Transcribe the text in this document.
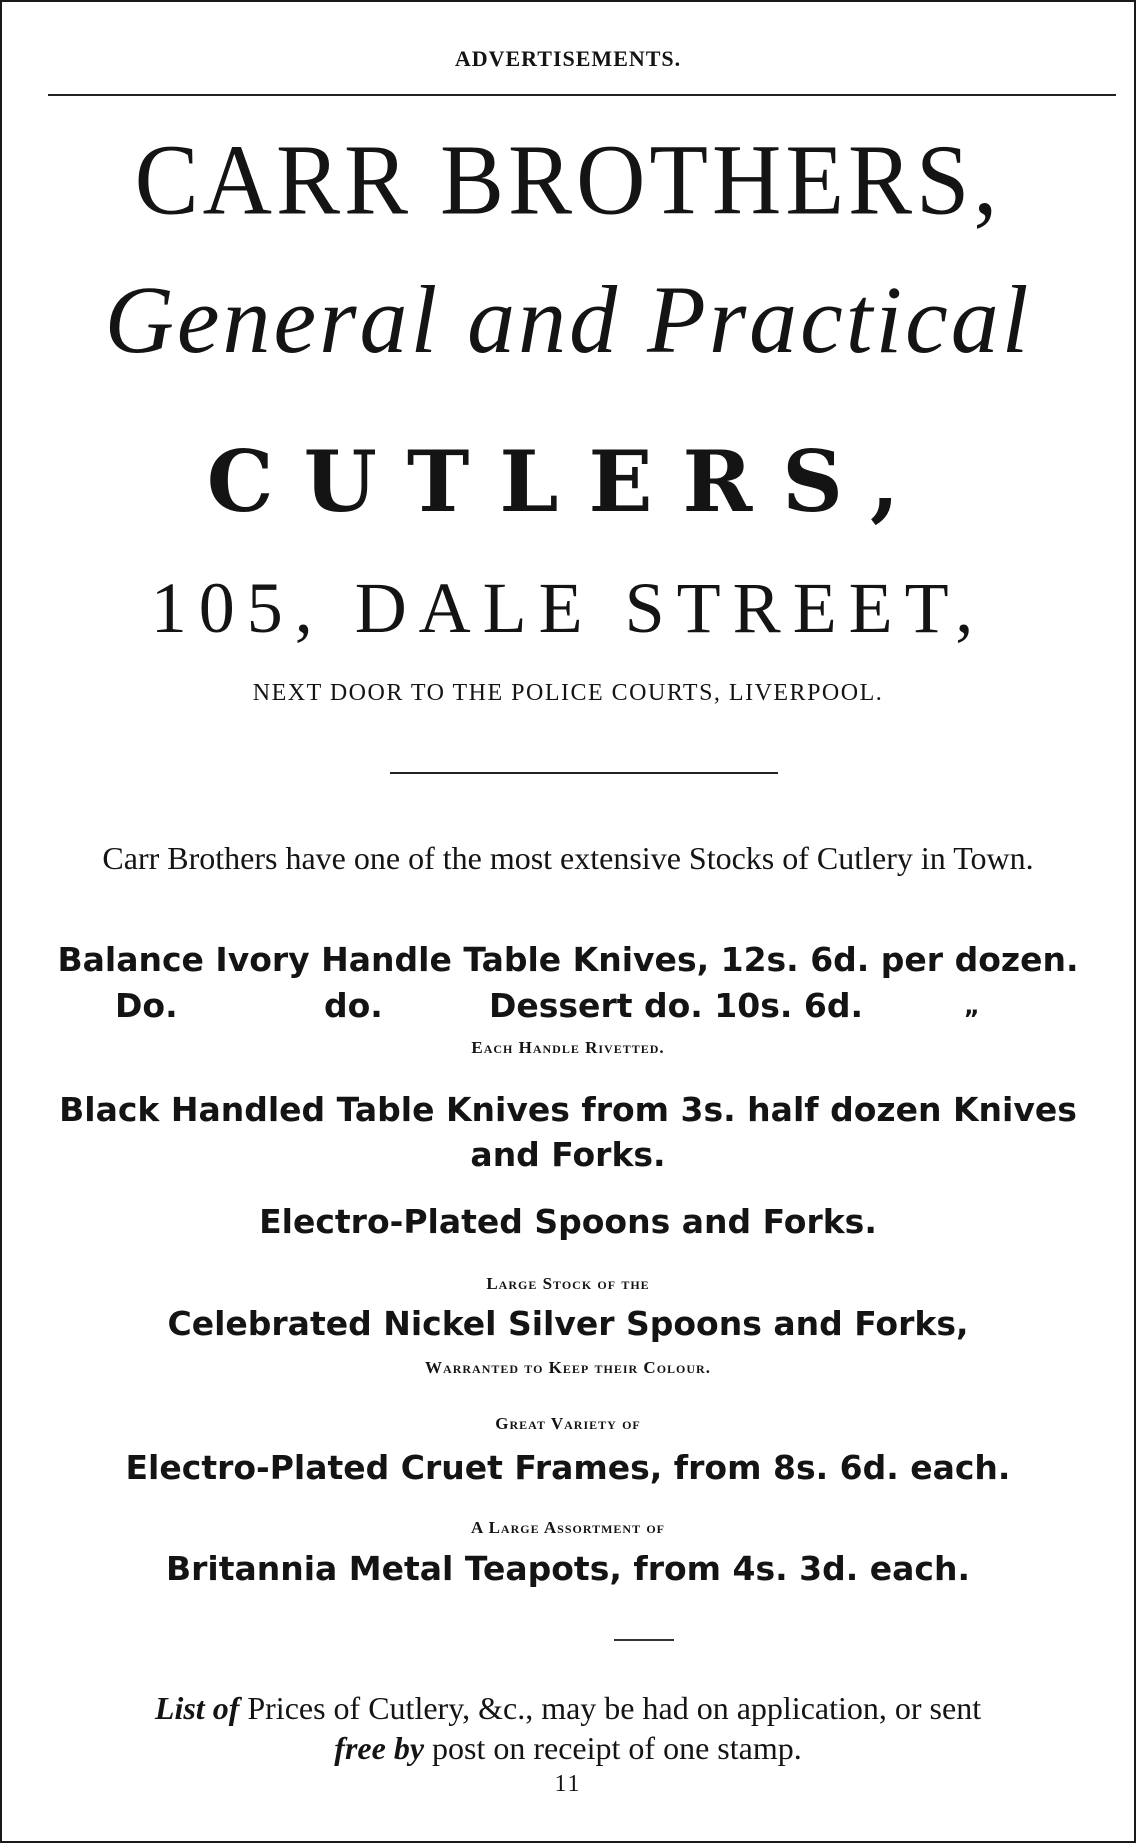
ADVERTISEMENTS.
CARR BROTHERS,
General and Practical
CUTLERS,
105, DALE STREET,
NEXT DOOR TO THE POLICE COURTS, LIVERPOOL.
Carr Brothers have one of the most extensive Stocks of Cutlery in Town.
Balance Ivory Handle Table Knives, 12s. 6d. per dozen.
Do.	do.	Dessert do. 10s. 6d.	„
Each Handle Rivetted.
Black Handled Table Knives from 3s. half dozen Knives
and Forks.
Electro-Plated Spoons and Forks.
Large Stock of the
Celebrated Nickel Silver Spoons and Forks,
Warranted to Keep their Colour.
Great Variety of
Electro-Plated Cruet Frames, from 8s. 6d. each.
A Large Assortment of
Britannia Metal Teapots, from 4s. 3d. each.
List of Prices of Cutlery, &c., may be had on application, or sent
free by post on receipt of one stamp.
11
